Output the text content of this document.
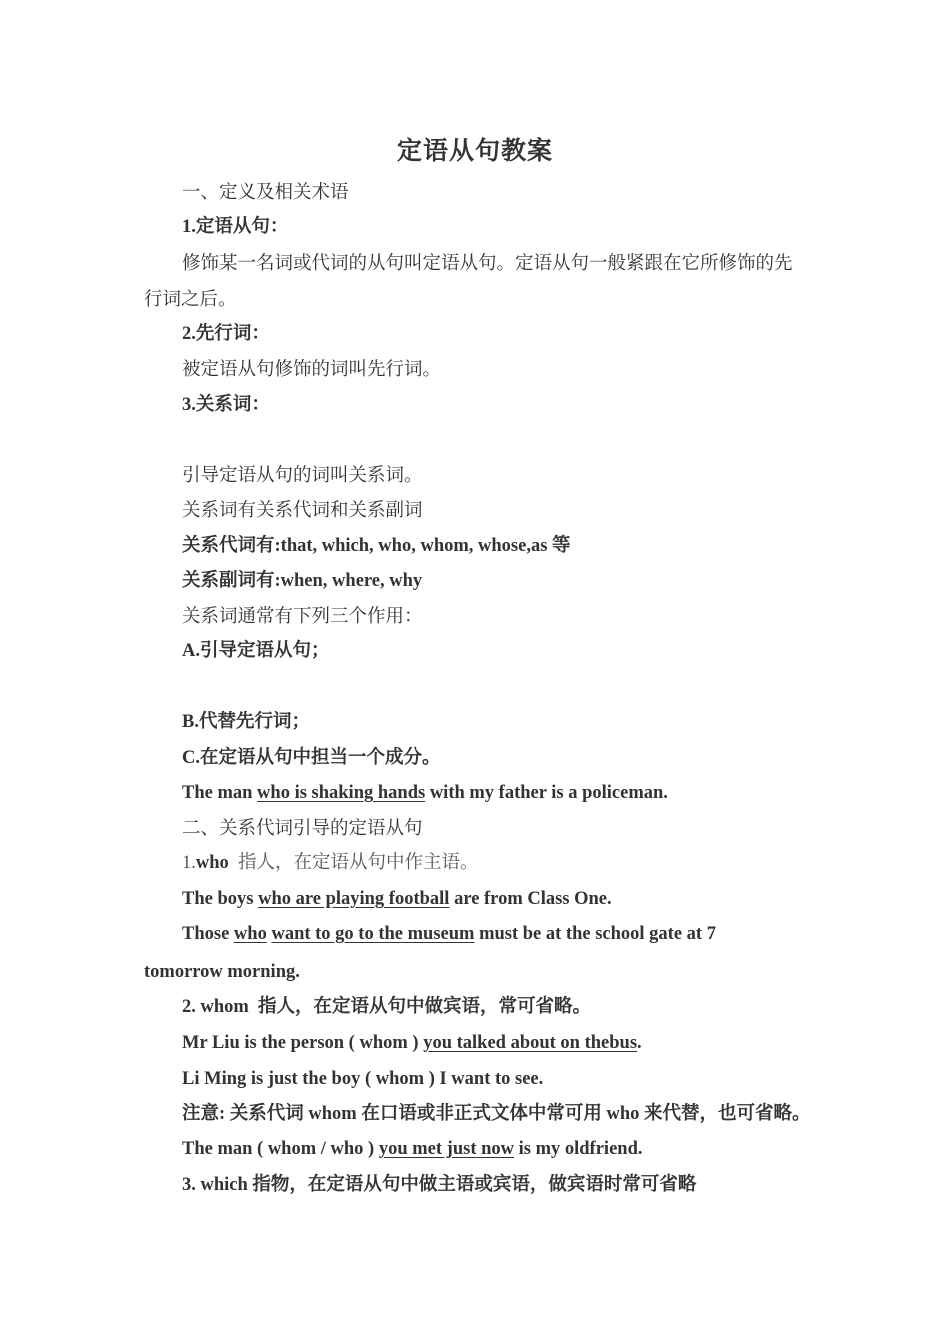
定语从句教案
一、定义及相关术语
1.定语从句：
修饰某一名词或代词的从句叫定语从句。定语从句一般紧跟在它所修饰的先
行词之后。
2.先行词：
被定语从句修饰的词叫先行词。
3.关系词：
引导定语从句的词叫关系词。
关系词有关系代词和关系副词
关系代词有:that, which, who, whom, whose,as 等
关系副词有:when, where, why
关系词通常有下列三个作用：
A.引导定语从句；
B.代替先行词；
C.在定语从句中担当一个成分。
The man who is shaking hands with my father is a policeman.
二、关系代词引导的定语从句
1.who  指人，在定语从句中作主语。
The boys who are playing football are from Class One.
Those who want to go to the museum must be at the school gate at 7
tomorrow morning.
2. whom  指人，在定语从句中做宾语，常可省略。
Mr Liu is the person ( whom ) you talked about on thebus.
Li Ming is just the boy ( whom ) I want to see.
注意: 关系代词 whom 在口语或非正式文体中常可用 who 来代替，也可省略。
The man ( whom / who ) you met just now is my oldfriend.
3. which 指物，在定语从句中做主语或宾语，做宾语时常可省略
